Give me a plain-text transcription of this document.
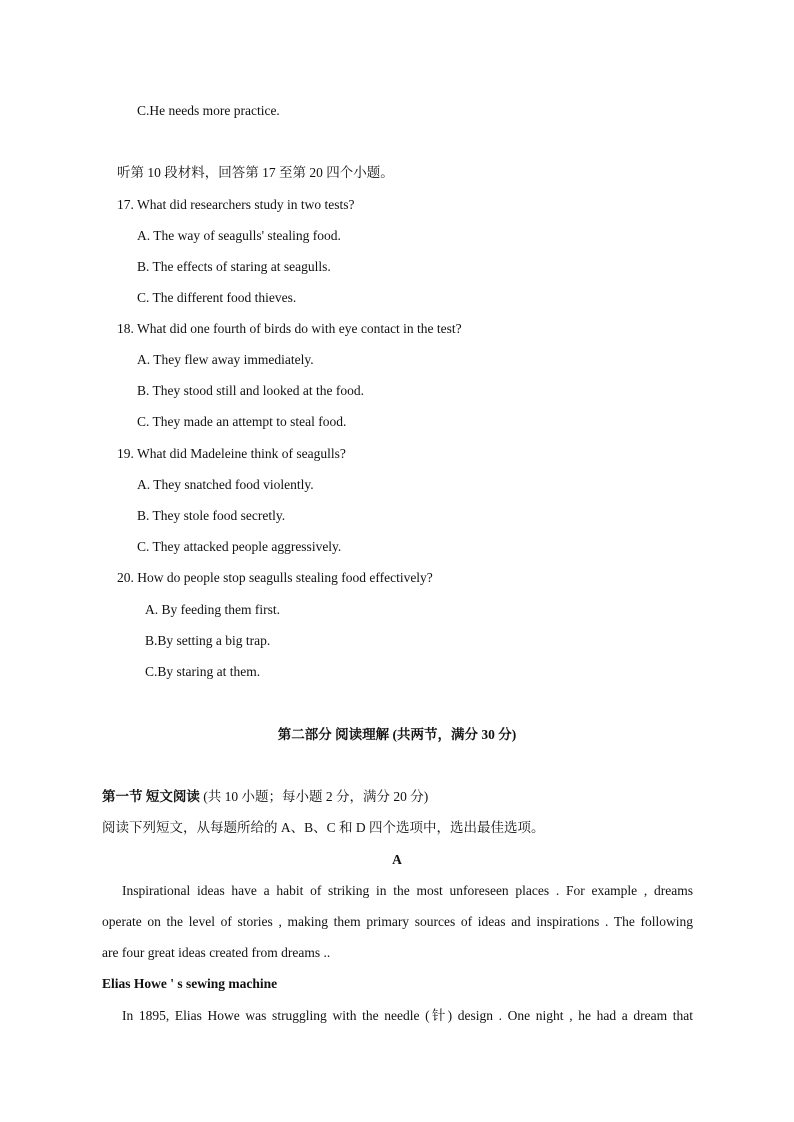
C.He needs more practice.
听第 10 段材料，回答第 17 至第 20 四个小题。
17. What did researchers study in two tests?
A. The way of seagulls' stealing food.
B. The effects of staring at seagulls.
C. The different food thieves.
18. What did one fourth of birds do with eye contact in the test?
A. They flew away immediately.
B. They stood still and looked at the food.
C. They made an attempt to steal food.
19. What did Madeleine think of seagulls?
A. They snatched food violently.
B. They stole food secretly.
C. They attacked people aggressively.
20. How do people stop seagulls stealing food effectively?
A. By feeding them first.
B.By setting a big trap.
C.By staring at them.
第二部分 阅读理解 (共两节，满分 30 分)
第一节 短文阅读 (共 10 小题；每小题 2 分，满分 20 分)
阅读下列短文，从每题所给的 A、B、C 和 D 四个选项中，选出最佳选项。
A
Inspirational ideas have a habit of striking in the most unforeseen places . For example , dreams
operate on the level of stories , making them primary sources of ideas and inspirations . The following
are four great ideas created from dreams ..
Elias Howe ' s sewing machine
In 1895, Elias Howe was struggling with the needle (针) design . One night , he had a dream that
